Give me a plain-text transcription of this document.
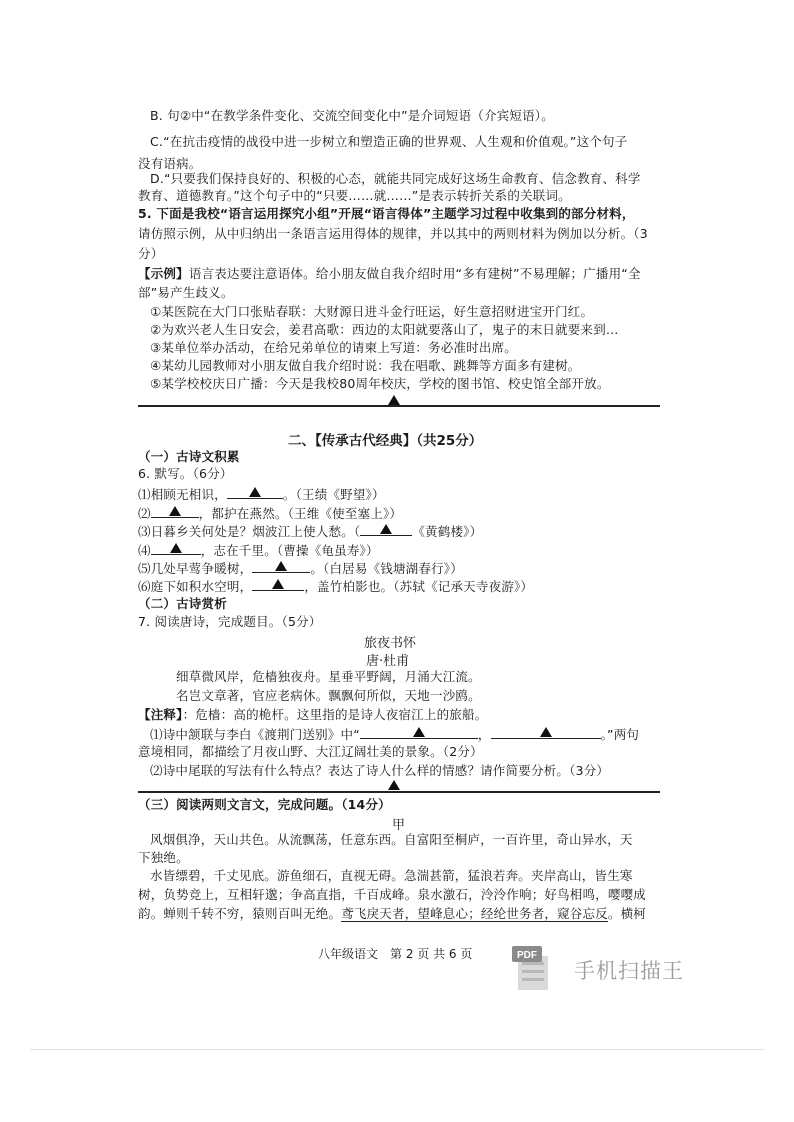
B. 句②中“在教学条件变化、交流空间变化中”是介词短语（介宾短语）。
C.“在抗击疫情的战役中进一步树立和塑造正确的世界观、人生观和价值观。”这个句子
没有语病。
D.“只要我们保持良好的、积极的心态，就能共同完成好这场生命教育、信念教育、科学
教育、道德教育。”这个句子中的“只要……就……”是表示转折关系的关联词。
5. 下面是我校“语言运用探究小组”开展“语言得体”主题学习过程中收集到的部分材料，
请仿照示例，从中归纳出一条语言运用得体的规律，并以其中的两则材料为例加以分析。（3
分）
【示例】语言表达要注意语体。给小朋友做自我介绍时用“多有建树”不易理解；广播用“全
部”易产生歧义。
①某医院在大门口张贴春联：大财源日进斗金行旺运，好生意招财进宝开门红。
②为欢兴老人生日安会，姜君高歌：西边的太阳就要落山了，鬼子的末日就要来到…
③某单位举办活动，在给兄弟单位的请柬上写道：务必准时出席。
④某幼儿园教师对小朋友做自我介绍时说：我在唱歌、跳舞等方面多有建树。
⑤某学校校庆日广播：今天是我校80周年校庆，学校的图书馆、校史馆全部开放。
二、【传承古代经典】（共25分）
（一）古诗文积累
6. 默写。（6分）
⑴相顾无相识，	。（王绩《野望》）
⑵	，都护在燕然。（王维《使至塞上》）
⑶日暮乡关何处是？烟波江上使人愁。（	《黄鹤楼》）
⑷	，志在千里。（曹操《龟虽寿》）
⑸几处早莺争暖树，	。（白居易《钱塘湖春行》）
⑹庭下如积水空明，	，盖竹柏影也。（苏轼《记承天寺夜游》）
（二）古诗赏析
7. 阅读唐诗，完成题目。（5分）
旅夜书怀
唐·杜甫
细草微风岸，危樯独夜舟。星垂平野阔，月涌大江流。
名岂文章著，官应老病休。飘飘何所似，天地一沙鸥。
【注释】：危樯：高的桅杆。这里指的是诗人夜宿江上的旅船。
⑴诗中颔联与李白《渡荆门送别》中“	，	。”两句
意境相同，都描绘了月夜山野、大江辽阔壮美的景象。（2分）
⑵诗中尾联的写法有什么特点？表达了诗人什么样的情感？请作简要分析。（3分）
（三）阅读两则文言文，完成问题。（14分）
甲
风烟俱净，天山共色。从流飘荡，任意东西。自富阳至桐庐，一百许里，奇山异水，天
下独绝。
水皆缥碧，千丈见底。游鱼细石，直视无碍。急湍甚箭，猛浪若奔。夹岸高山，皆生寒
树，负势竞上，互相轩邈；争高直指，千百成峰。泉水激石，泠泠作响；好鸟相鸣，嘤嘤成
韵。蝉则千转不穷，猿则百叫无绝。鸢飞戾天者，望峰息心；经纶世务者，窥谷忘反。横柯
八年级语文　第 2 页 共 6 页	PDF
手机扫描王
